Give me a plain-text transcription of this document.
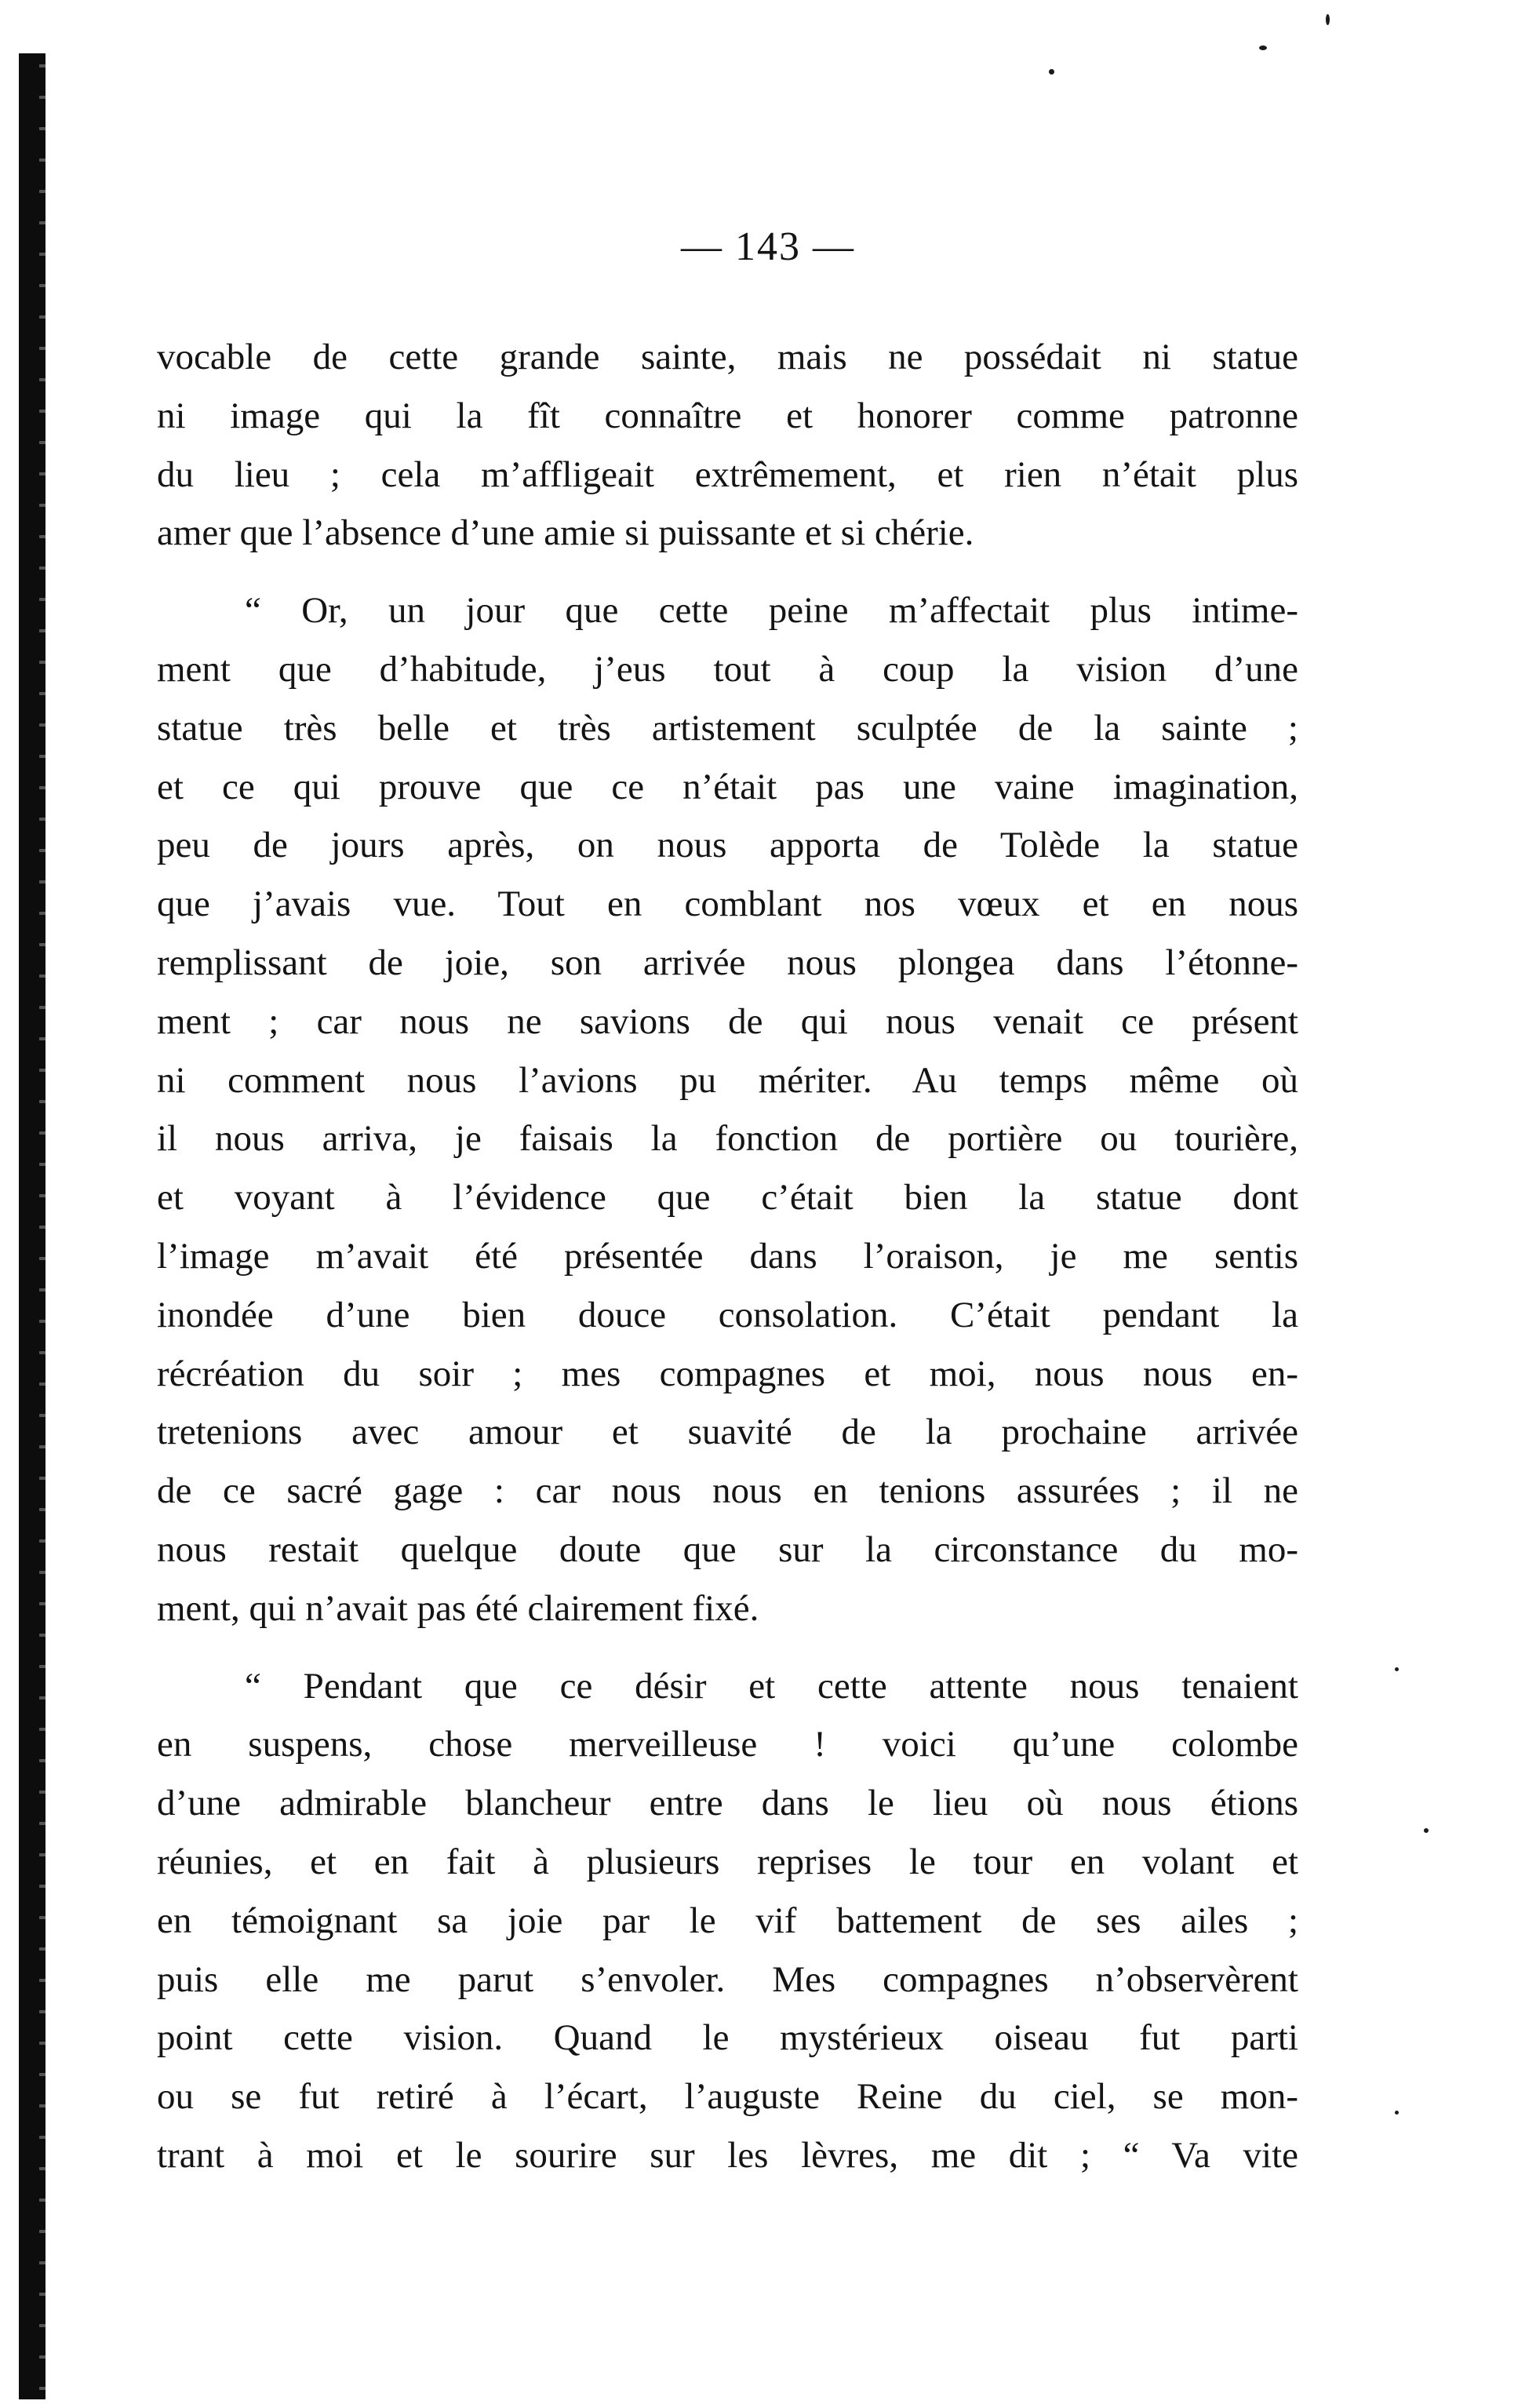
— 143 —
vocable de cette grande sainte, mais ne possédait ni statue
ni image qui la fît connaître et honorer comme patronne
du lieu ; cela m’affligeait extrêmement, et rien n’était plus
amer que l’absence d’une amie si puissante et si chérie.
“ Or, un jour que cette peine m’affectait plus intime-
ment que d’habitude, j’eus tout à coup la vision d’une
statue très belle et très artistement sculptée de la sainte ;
et ce qui prouve que ce n’était pas une vaine imagination,
peu de jours après, on nous apporta de Tolède la statue
que j’avais vue. Tout en comblant nos vœux et en nous
remplissant de joie, son arrivée nous plongea dans l’étonne-
ment ; car nous ne savions de qui nous venait ce présent
ni comment nous l’avions pu mériter. Au temps même où
il nous arriva, je faisais la fonction de portière ou tourière,
et voyant à l’évidence que c’était bien la statue dont
l’image m’avait été présentée dans l’oraison, je me sentis
inondée d’une bien douce consolation. C’était pendant la
récréation du soir ; mes compagnes et moi, nous nous en-
tretenions avec amour et suavité de la prochaine arrivée
de ce sacré gage : car nous nous en tenions assurées ; il ne
nous restait quelque doute que sur la circonstance du mo-
ment, qui n’avait pas été clairement fixé.
“ Pendant que ce désir et cette attente nous tenaient
en suspens, chose merveilleuse ! voici qu’une colombe
d’une admirable blancheur entre dans le lieu où nous étions
réunies, et en fait à plusieurs reprises le tour en volant et
en témoignant sa joie par le vif battement de ses ailes ;
puis elle me parut s’envoler. Mes compagnes n’observèrent
point cette vision. Quand le mystérieux oiseau fut parti
ou se fut retiré à l’écart, l’auguste Reine du ciel, se mon-
trant à moi et le sourire sur les lèvres, me dit ; “ Va vite
